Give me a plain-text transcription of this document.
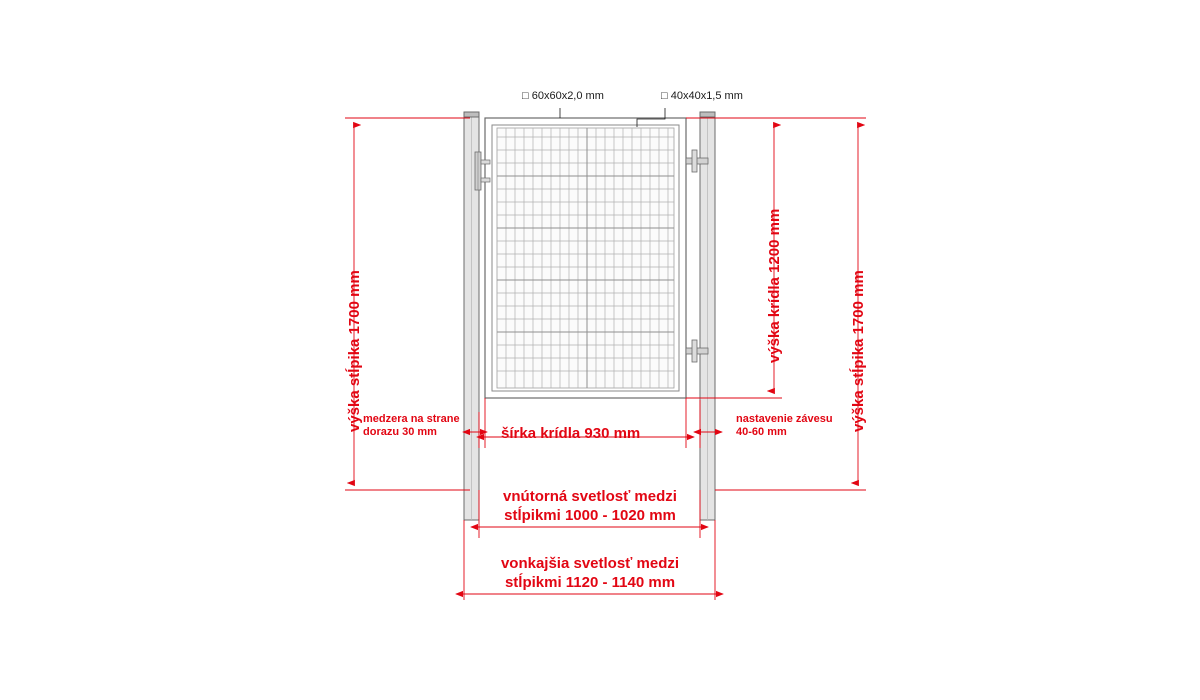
□ 60x60x2,0 mm	□ 40x40x1,5 mm
výška stĺpika 1700 mm	výška stĺpika 1700 mm
výška krídla 1200 mm
šírka krídla 930 mm
medzera na strane
dorazu 30 mm
nastavenie závesu
40-60 mm
vnútorná svetlosť medzi
stĺpikmi 1000 - 1020 mm
vonkajšia svetlosť medzi
stĺpikmi 1120 - 1140 mm
